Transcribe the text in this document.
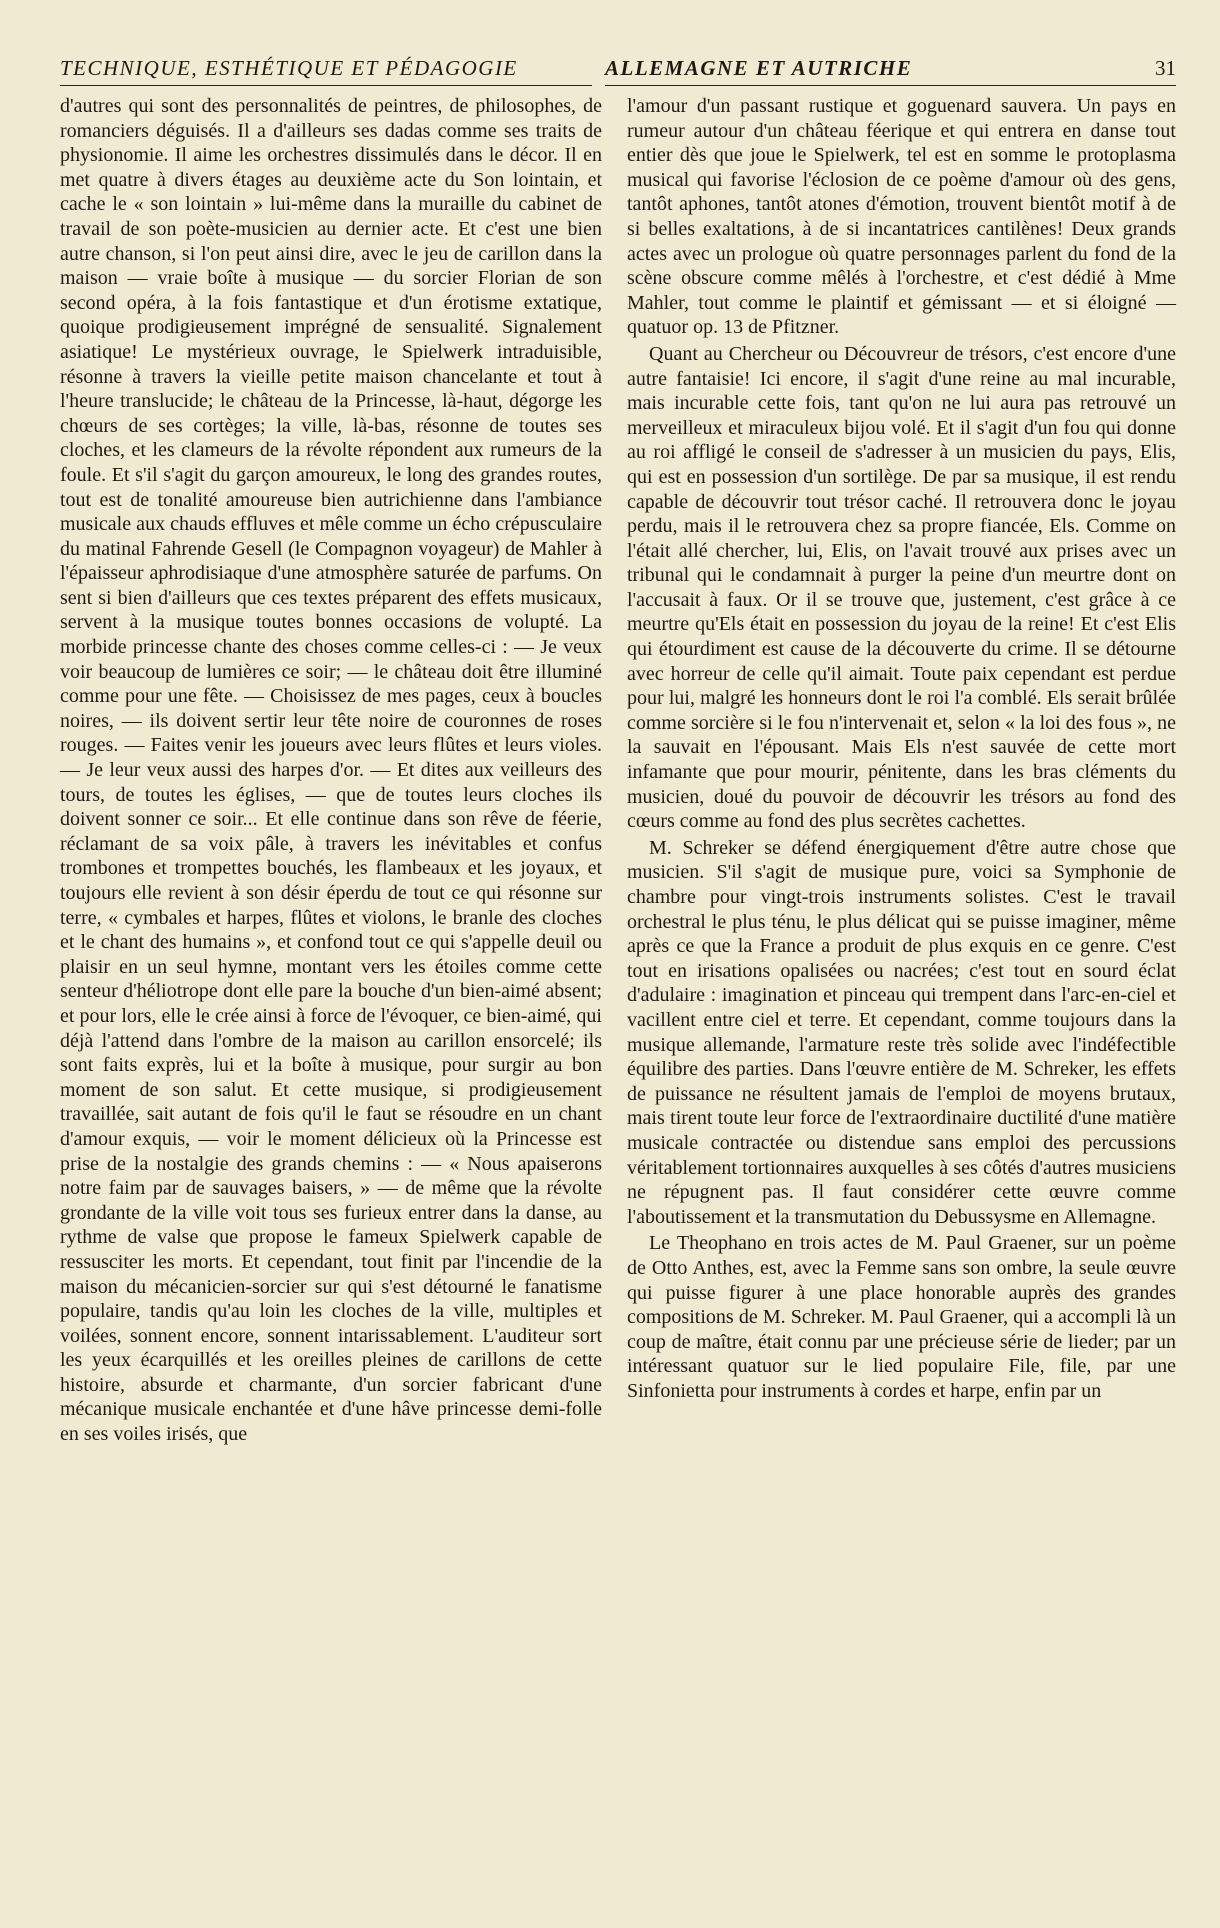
TECHNIQUE, ESTHÉTIQUE ET PÉDAGOGIE	ALLEMAGNE ET AUTRICHE	31

d'autres qui sont des personnalités de peintres, de philosophes, de romanciers déguisés. Il a d'ailleurs ses dadas comme ses traits de physionomie. Il aime les orchestres dissimulés dans le décor. Il en met quatre à divers étages au deuxième acte du Son lointain, et cache le « son lointain » lui-même dans la muraille du cabinet de travail de son poète-musicien au dernier acte. Et c'est une bien autre chanson, si l'on peut ainsi dire, avec le jeu de carillon dans la maison — vraie boîte à musique — du sorcier Florian de son second opéra, à la fois fantastique et d'un érotisme extatique, quoique prodigieusement imprégné de sensualité. Signalement asiatique! Le mystérieux ouvrage, le Spielwerk intraduisible, résonne à travers la vieille petite maison chancelante et tout à l'heure translucide; le château de la Princesse, là-haut, dégorge les chœurs de ses cortèges; la ville, là-bas, résonne de toutes ses cloches, et les clameurs de la révolte répondent aux rumeurs de la foule. Et s'il s'agit du garçon amoureux, le long des grandes routes, tout est de tonalité amoureuse bien autrichienne dans l'ambiance musicale aux chauds effluves et mêle comme un écho crépusculaire du matinal Fahrende Gesell (le Compagnon voyageur) de Mahler à l'épaisseur aphrodisiaque d'une atmosphère saturée de parfums. On sent si bien d'ailleurs que ces textes préparent des effets musicaux, servent à la musique toutes bonnes occasions de volupté. La morbide princesse chante des choses comme celles-ci : — Je veux voir beaucoup de lumières ce soir; — le château doit être illuminé comme pour une fête. — Choisissez de mes pages, ceux à boucles noires, — ils doivent sertir leur tête noire de couronnes de roses rouges. — Faites venir les joueurs avec leurs flûtes et leurs violes. — Je leur veux aussi des harpes d'or. — Et dites aux veilleurs des tours, de toutes les églises, — que de toutes leurs cloches ils doivent sonner ce soir... Et elle continue dans son rêve de féerie, réclamant de sa voix pâle, à travers les inévitables et confus trombones et trompettes bouchés, les flambeaux et les joyaux, et toujours elle revient à son désir éperdu de tout ce qui résonne sur terre, « cymbales et harpes, flûtes et violons, le branle des cloches et le chant des humains », et confond tout ce qui s'appelle deuil ou plaisir en un seul hymne, montant vers les étoiles comme cette senteur d'héliotrope dont elle pare la bouche d'un bien-aimé absent; et pour lors, elle le crée ainsi à force de l'évoquer, ce bien-aimé, qui déjà l'attend dans l'ombre de la maison au carillon ensorcelé; ils sont faits exprès, lui et la boîte à musique, pour surgir au bon moment de son salut. Et cette musique, si prodigieusement travaillée, sait autant de fois qu'il le faut se résoudre en un chant d'amour exquis, — voir le moment délicieux où la Princesse est prise de la nostalgie des grands chemins : — « Nous apaiserons notre faim par de sauvages baisers, » — de même que la révolte grondante de la ville voit tous ses furieux entrer dans la danse, au rythme de valse que propose le fameux Spielwerk capable de ressusciter les morts. Et cependant, tout finit par l'incendie de la maison du mécanicien-sorcier sur qui s'est détourné le fanatisme populaire, tandis qu'au loin les cloches de la ville, multiples et voilées, sonnent encore, sonnent intarissablement. L'auditeur sort les yeux écarquillés et les oreilles pleines de carillons de cette histoire, absurde et charmante, d'un sorcier fabricant d'une mécanique musicale enchantée et d'une hâve princesse demi-folle en ses voiles irisés, que

l'amour d'un passant rustique et goguenard sauvera. Un pays en rumeur autour d'un château féerique et qui entrera en danse tout entier dès que joue le Spielwerk, tel est en somme le protoplasma musical qui favorise l'éclosion de ce poème d'amour où des gens, tantôt aphones, tantôt atones d'émotion, trouvent bientôt motif à de si belles exaltations, à de si incantatrices cantilènes! Deux grands actes avec un prologue où quatre personnages parlent du fond de la scène obscure comme mêlés à l'orchestre, et c'est dédié à Mme Mahler, tout comme le plaintif et gémissant — et si éloigné — quatuor op. 13 de Pfitzner.

Quant au Chercheur ou Découvreur de trésors, c'est encore d'une autre fantaisie! Ici encore, il s'agit d'une reine au mal incurable, mais incurable cette fois, tant qu'on ne lui aura pas retrouvé un merveilleux et miraculeux bijou volé. Et il s'agit d'un fou qui donne au roi affligé le conseil de s'adresser à un musicien du pays, Elis, qui est en possession d'un sortilège. De par sa musique, il est rendu capable de découvrir tout trésor caché. Il retrouvera donc le joyau perdu, mais il le retrouvera chez sa propre fiancée, Els. Comme on l'était allé chercher, lui, Elis, on l'avait trouvé aux prises avec un tribunal qui le condamnait à purger la peine d'un meurtre dont on l'accusait à faux. Or il se trouve que, justement, c'est grâce à ce meurtre qu'Els était en possession du joyau de la reine! Et c'est Elis qui étourdiment est cause de la découverte du crime. Il se détourne avec horreur de celle qu'il aimait. Toute paix cependant est perdue pour lui, malgré les honneurs dont le roi l'a comblé. Els serait brûlée comme sorcière si le fou n'intervenait et, selon « la loi des fous », ne la sauvait en l'épousant. Mais Els n'est sauvée de cette mort infamante que pour mourir, pénitente, dans les bras cléments du musicien, doué du pouvoir de découvrir les trésors au fond des cœurs comme au fond des plus secrètes cachettes.

M. Schreker se défend énergiquement d'être autre chose que musicien. S'il s'agit de musique pure, voici sa Symphonie de chambre pour vingt-trois instruments solistes. C'est le travail orchestral le plus ténu, le plus délicat qui se puisse imaginer, même après ce que la France a produit de plus exquis en ce genre. C'est tout en irisations opalisées ou nacrées; c'est tout en sourd éclat d'adulaire : imagination et pinceau qui trempent dans l'arc-en-ciel et vacillent entre ciel et terre. Et cependant, comme toujours dans la musique allemande, l'armature reste très solide avec l'indéfectible équilibre des parties. Dans l'œuvre entière de M. Schreker, les effets de puissance ne résultent jamais de l'emploi de moyens brutaux, mais tirent toute leur force de l'extraordinaire ductilité d'une matière musicale contractée ou distendue sans emploi des percussions véritablement tortionnaires auxquelles à ses côtés d'autres musiciens ne répugnent pas. Il faut considérer cette œuvre comme l'aboutissement et la transmutation du Debussysme en Allemagne.

Le Theophano en trois actes de M. Paul Graener, sur un poème de Otto Anthes, est, avec la Femme sans son ombre, la seule œuvre qui puisse figurer à une place honorable auprès des grandes compositions de M. Schreker. M. Paul Graener, qui a accompli là un coup de maître, était connu par une précieuse série de lieder; par un intéressant quatuor sur le lied populaire File, file, par une Sinfonietta pour instruments à cordes et harpe, enfin par un
